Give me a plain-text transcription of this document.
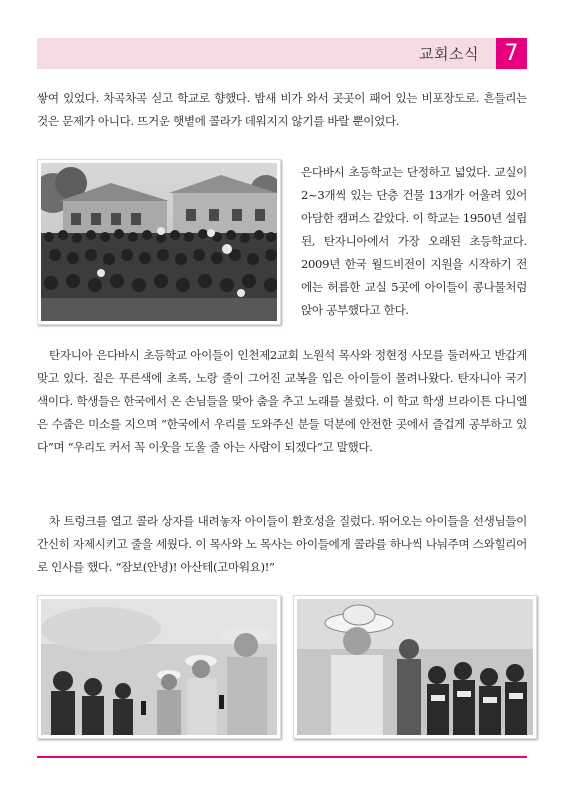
교회소식	7

쌓여 있었다. 차곡차곡 싣고 학교로 향했다. 밤새 비가 와서 곳곳이 패어 있는 비포장도로. 흔들리는 것은 문제가 아니다. 뜨거운 햇볕에 콜라가 데워지지 않기를 바랄 뿐이었다.

은다바시 초등학교는 단정하고 넓었다. 교실이 2~3개씩 있는 단층 건물 13개가 어울려 있어 아담한 캠퍼스 같았다. 이 학교는 1950년 설립된, 탄자니아에서 가장 오래된 초등학교다. 2009년 한국 월드비전이 지원을 시작하기 전에는 허름한 교실 5곳에 아이들이 콩나물처럼 앉아 공부했다고 한다.

탄자니아 은다바시 초등학교 아이들이 인천제2교회 노원석 목사와 정현정 사모를 둘러싸고 반갑게 맞고 있다. 짙은 푸른색에 초록, 노랑 줄이 그어진 교복을 입은 아이들이 몰려나왔다. 탄자니아 국기 색이다. 학생들은 한국에서 온 손님들을 맞아 춤을 추고 노래를 불렀다. 이 학교 학생 브라이튼 다니엘은 수줍은 미소를 지으며 “한국에서 우리를 도와주신 분들 덕분에 안전한 곳에서 즐겁게 공부하고 있다”며 “우리도 커서 꼭 이웃을 도울 줄 아는 사람이 되겠다”고 말했다.

차 트렁크를 열고 콜라 상자를 내려놓자 아이들이 환호성을 질렀다. 뛰어오는 아이들을 선생님들이 간신히 자제시키고 줄을 세웠다. 이 목사와 노 목사는 아이들에게 콜라를 하나씩 나눠주며 스와힐리어로 인사를 했다. “잠보(안녕)! 아산테(고마워요)!”
